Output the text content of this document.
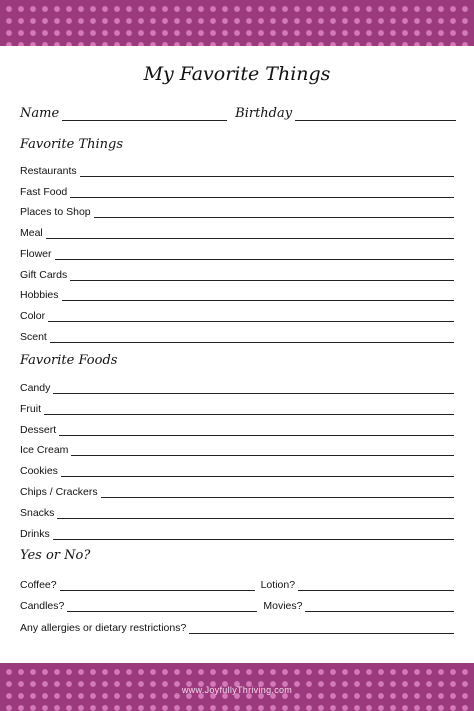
My Favorite Things
Name	Birthday
Favorite Things
Restaurants
Fast Food
Places to Shop
Meal
Flower
Gift Cards
Hobbies
Color
Scent
Favorite Foods
Candy
Fruit
Dessert
Ice Cream
Cookies
Chips / Crackers
Snacks
Drinks
Yes or No?
Coffee?	Lotion?
Candles?	Movies?
Any allergies or dietary restrictions?
www.JoyfullyThriving.com
